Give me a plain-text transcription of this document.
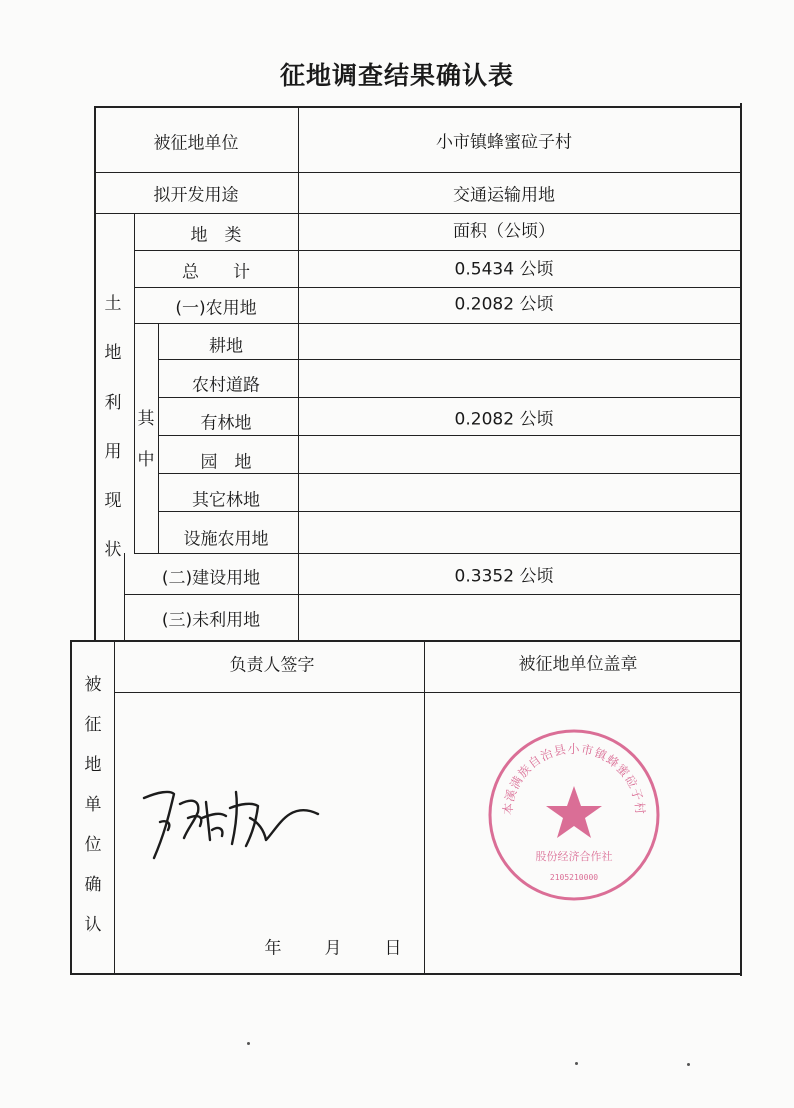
征地调查结果确认表
被征地单位	小市镇蜂蜜砬子村
拟开发用途	交通运输用地
土
地
利
用
现
状
地　类	面积（公顷）
总　　计	0.5434 公顷
(一)农用地	0.2082 公顷
其
中
耕地
农村道路
有林地	0.2082 公顷
园　地
其它林地
设施农用地
(二)建设用地	0.3352 公顷
(三)未利用地
被
征
地
单
位
确
认
负责人签字	被征地单位盖章
年	月	日
本溪满族自治县小市镇蜂蜜砬子村
股份经济合作社
2105210000
